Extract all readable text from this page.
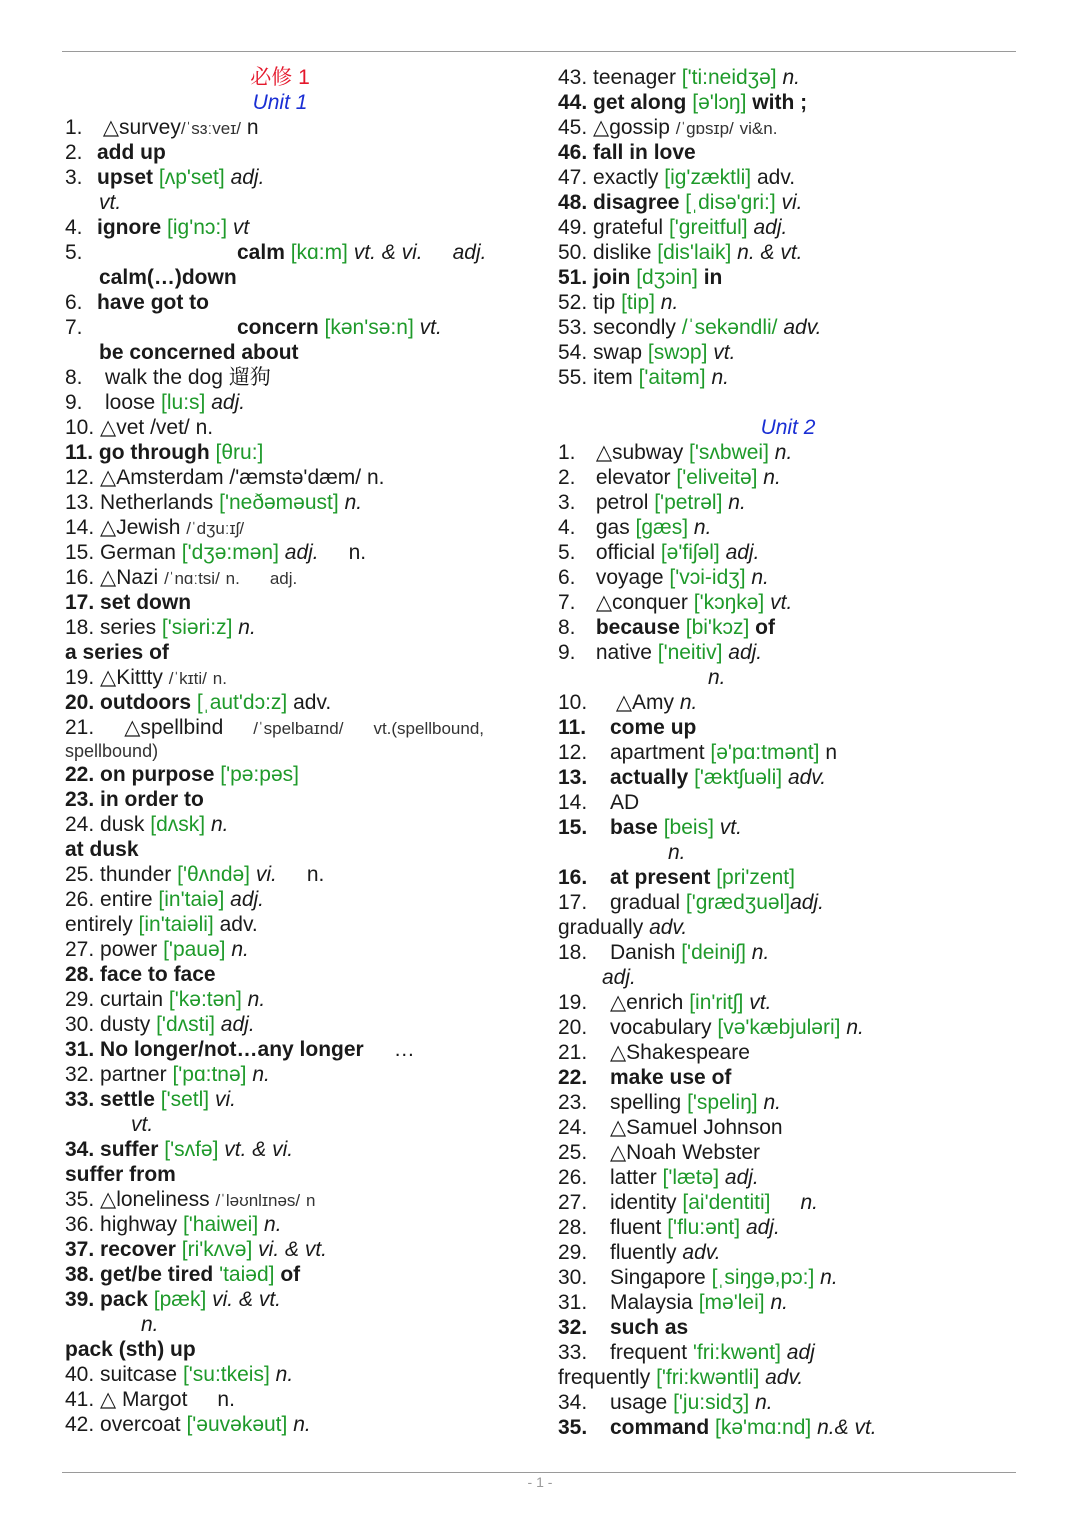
必修 1
Unit 1
1. △survey/ˈsɜːveɪ/ n
2. add up
3. upset [ʌp'set] adj.
vt.
4. ignore [ig'nɔ:] vt
5.	calm [kɑ:m] vt. & vi. adj.
calm(…)down
6. have got to
7.	concern [kən'sə:n] vt.
be concerned about
8. walk the dog 遛狗
9. loose [lu:s] adj.
10. △vet /vet/ n.
11. go through [θru:]
12. △Amsterdam /'æmstə'dæm/ n.
13. Netherlands ['neðəməust] n.
14. △Jewish /ˈdʒuːɪʃ/
15. German ['dʒə:mən] adj. n.
16. △Nazi /ˈnɑːtsi/ n. adj.
17. set down
18. series ['siəri:z] n.
a series of
19. △Kittty /ˈkɪti/ n.
20. outdoors [ˌaut'dɔ:z] adv.
21. △spellbind /ˈspelbaɪnd/ vt.(spellbound,
spellbound)
22. on purpose ['pə:pəs]
23. in order to
24. dusk [dʌsk] n.
at dusk
25. thunder ['θʌndə] vi. n.
26. entire [in'taiə] adj.
entirely [in'taiəli] adv.
27. power ['pauə] n.
28. face to face
29. curtain ['kə:tən] n.
30. dusty ['dʌsti] adj.
31. No longer/not…any longer …
32. partner ['pɑ:tnə] n.
33. settle ['setl] vi.
vt.
34. suffer ['sʌfə] vt. & vi.
suffer from
35. △loneliness /ˈləʊnlɪnəs/ n
36. highway ['haiwei] n.
37. recover [ri'kʌvə] vi. & vt.
38. get/be tired 'taiəd] of
39. pack [pæk] vi. & vt.
n.
pack (sth) up
40. suitcase ['su:tkeis] n.
41. △ Margot n.
42. overcoat ['əuvəkəut] n.
43. teenager ['ti:neidʒə] n.
44. get along [ə'lɔŋ] with ;
45. △gossip /ˈgɒsɪp/ vi&n.
46. fall in love
47. exactly [ig'zæktli] adv.
48. disagree [ˌdisə'gri:] vi.
49. grateful ['greitful] adj.
50. dislike [dis'laik] n. & vt.
51. join [dʒɔin] in
52. tip [tip] n.
53. secondly /ˈsekəndli/ adv.
54. swap [swɔp] vt.
55. item ['aitəm] n.
Unit 2
1. △subway ['sʌbwei] n.
2. elevator ['eliveitə] n.
3. petrol ['petrəl] n.
4. gas [gæs] n.
5. official [ə'fiʃəl] adj.
6. voyage ['vɔi-idʒ] n.
7. △conquer ['kɔŋkə] vt.
8. because [bi'kɔz] of
9. native ['neitiv] adj.
n.
10. △Amy n.
11. come up
12. apartment [ə'pɑ:tmənt] n
13. actually ['æktʃuəli] adv.
14. AD
15. base [beis] vt.
n.
16. at present [pri'zent]
17. gradual ['grædʒuəl]adj.
gradually adv.
18. Danish ['deiniʃ] n.
adj.
19. △enrich [in'ritʃ] vt.
20. vocabulary [və'kæbjuləri] n.
21. △Shakespeare
22. make use of
23. spelling ['speliŋ] n.
24. △Samuel Johnson
25. △Noah Webster
26. latter ['lætə] adj.
27. identity [ai'dentiti] n.
28. fluent ['flu:ənt] adj.
29. fluently adv.
30. Singapore [ˌsiŋgə,pɔ:] n.
31. Malaysia [mə'lei] n.
32. such as
33. frequent 'fri:kwənt] adj
frequently ['fri:kwəntli] adv.
34. usage ['ju:sidʒ] n.
35. command [kə'mɑ:nd] n.& vt.
- 1 -
